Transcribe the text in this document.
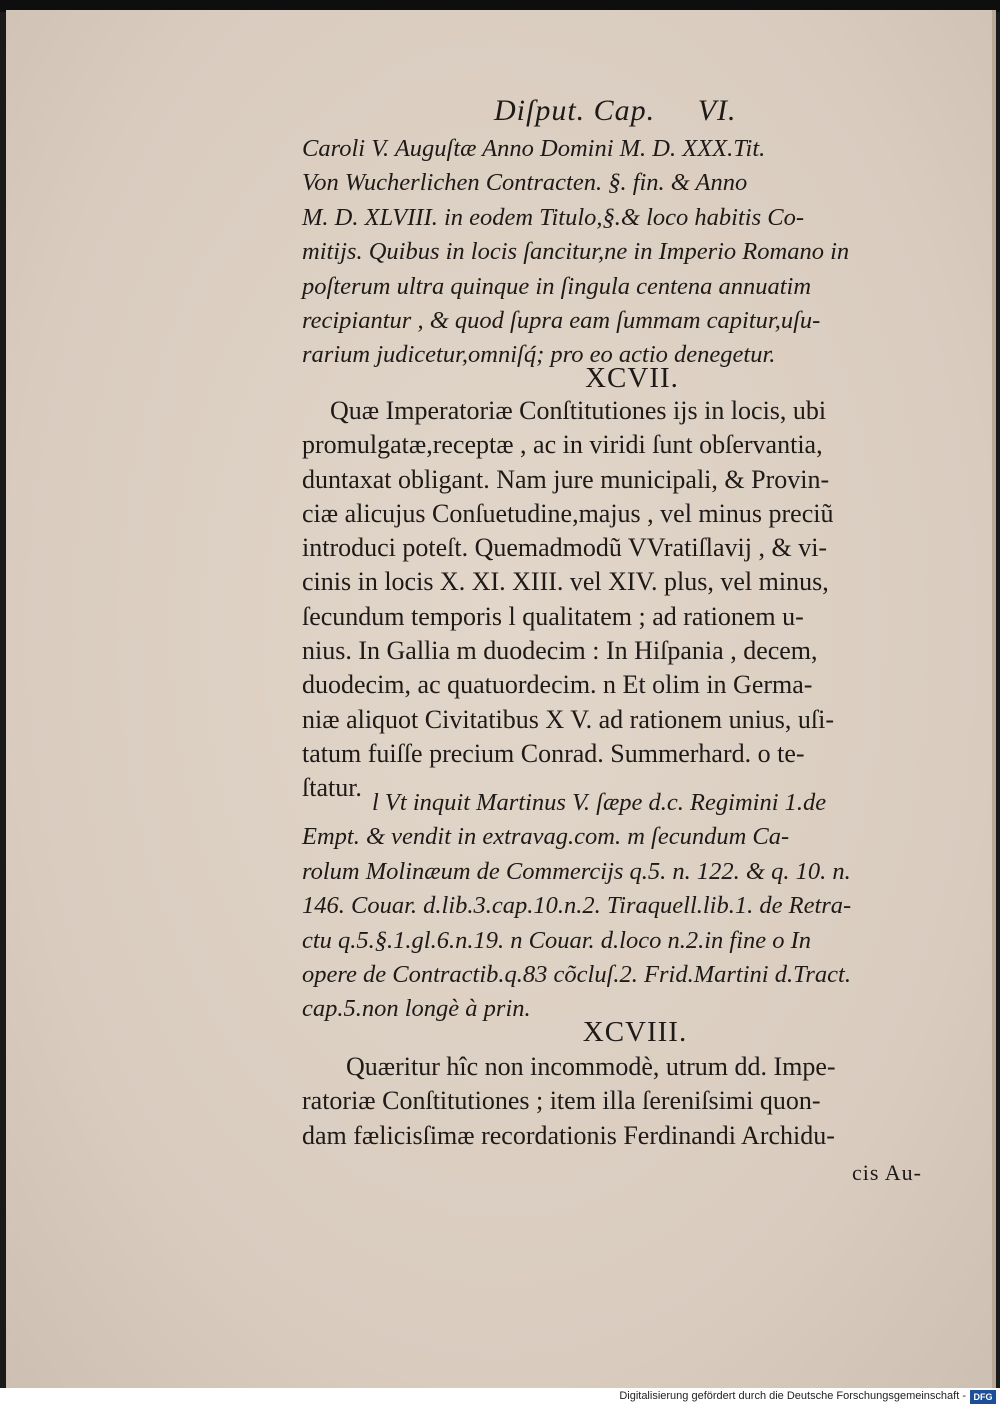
Diſput. Cap. VI.
Caroli V. Auguſtæ Anno Domini M. D. XXX.Tit.
Von Wucherlichen Contracten. §. fin. & Anno
M. D. XLVIII. in eodem Titulo,§.& loco habitis Co-
mitijs. Quibus in locis ſancitur,ne in Imperio Romano in
poſterum ultra quinque in ſingula centena annuatim
recipiantur , & quod ſupra eam ſummam capitur,uſu-
rarium judicetur,omniſq́; pro eo actio denegetur.
XCVII.
Quæ Imperatoriæ Conſtitutiones ijs in locis, ubi
promulgatæ,receptæ , ac in viridi ſunt obſervantia,
duntaxat obligant. Nam jure municipali, & Provin-
ciæ alicujus Conſuetudine,majus , vel minus preciũ
introduci poteſt. Quemadmodũ VVratiſlavij , & vi-
cinis in locis X. XI. XIII. vel XIV. plus, vel minus,
ſecundum temporis l qualitatem ; ad rationem u-
nius. In Gallia m duodecim : In Hiſpania , decem,
duodecim, ac quatuordecim. n Et olim in Germa-
niæ aliquot Civitatibus X V. ad rationem unius, uſi-
tatum fuiſſe precium Conrad. Summerhard. o te-
ſtatur.
l Vt inquit Martinus V. ſæpe d.c. Regimini 1.de
Empt. & vendit in extravag.com. m ſecundum Ca-
rolum Molinæum de Commercijs q.5. n. 122. & q. 10. n.
146. Couar. d.lib.3.cap.10.n.2. Tiraquell.lib.1. de Retra-
ctu q.5.§.1.gl.6.n.19. n Couar. d.loco n.2.in fine o In
opere de Contractib.q.83 cõcluſ.2. Frid.Martini d.Tract.
cap.5.non longè à prin.
XCVIII.
Quæritur hîc non incommodè, utrum dd. Impe-
ratoriæ Conſtitutiones ; item illa ſereniſsimi quon-
dam fælicisſimæ recordationis Ferdinandi Archidu-
cis Au-
Digitalisierung gefördert durch die Deutsche Forschungsgemeinschaft - DFG
